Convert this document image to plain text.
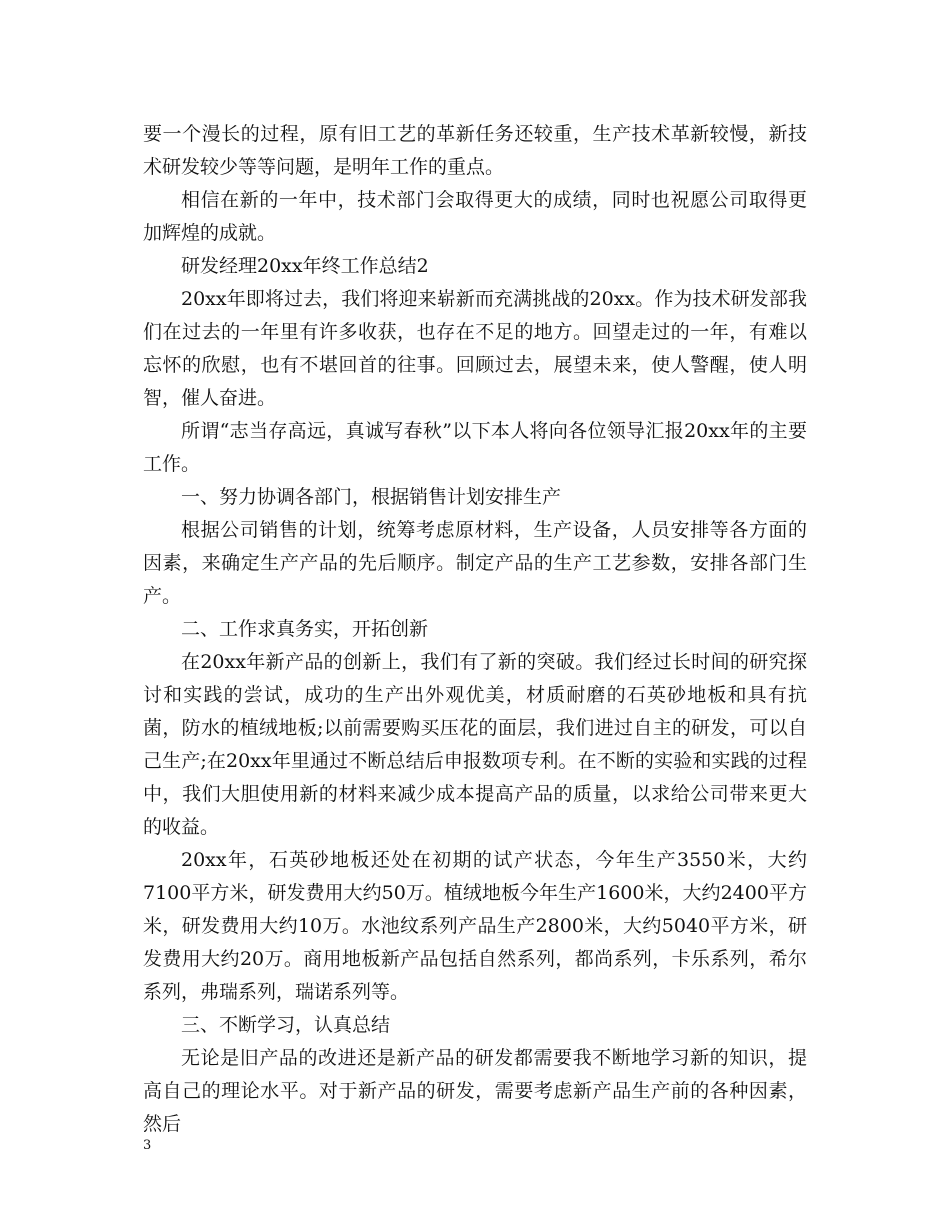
要一个漫长的过程，原有旧工艺的革新任务还较重，生产技术革新较慢，新技术研发较少等等问题，是明年工作的重点。

相信在新的一年中，技术部门会取得更大的成绩，同时也祝愿公司取得更加辉煌的成就。

研发经理20xx年终工作总结2

20xx年即将过去，我们将迎来崭新而充满挑战的20xx。作为技术研发部我们在过去的一年里有许多收获，也存在不足的地方。回望走过的一年，有难以忘怀的欣慰，也有不堪回首的往事。回顾过去，展望未来，使人警醒，使人明智，催人奋进。

所谓“志当存高远，真诚写春秋”以下本人将向各位领导汇报20xx年的主要工作。

一、努力协调各部门，根据销售计划安排生产

根据公司销售的计划，统筹考虑原材料，生产设备，人员安排等各方面的因素，来确定生产产品的先后顺序。制定产品的生产工艺参数，安排各部门生产。

二、工作求真务实，开拓创新

在20xx年新产品的创新上，我们有了新的突破。我们经过长时间的研究探讨和实践的尝试，成功的生产出外观优美，材质耐磨的石英砂地板和具有抗菌，防水的植绒地板;以前需要购买压花的面层，我们进过自主的研发，可以自己生产;在20xx年里通过不断总结后申报数项专利。在不断的实验和实践的过程中，我们大胆使用新的材料来减少成本提高产品的质量，以求给公司带来更大的收益。

20xx年，石英砂地板还处在初期的试产状态，今年生产3550米，大约7100平方米，研发费用大约50万。植绒地板今年生产1600米，大约2400平方米，研发费用大约10万。水池纹系列产品生产2800米，大约5040平方米，研发费用大约20万。商用地板新产品包括自然系列，都尚系列，卡乐系列，希尔系列，弗瑞系列，瑞诺系列等。

三、不断学习，认真总结

无论是旧产品的改进还是新产品的研发都需要我不断地学习新的知识，提高自己的理论水平。对于新产品的研发，需要考虑新产品生产前的各种因素，然后

3
